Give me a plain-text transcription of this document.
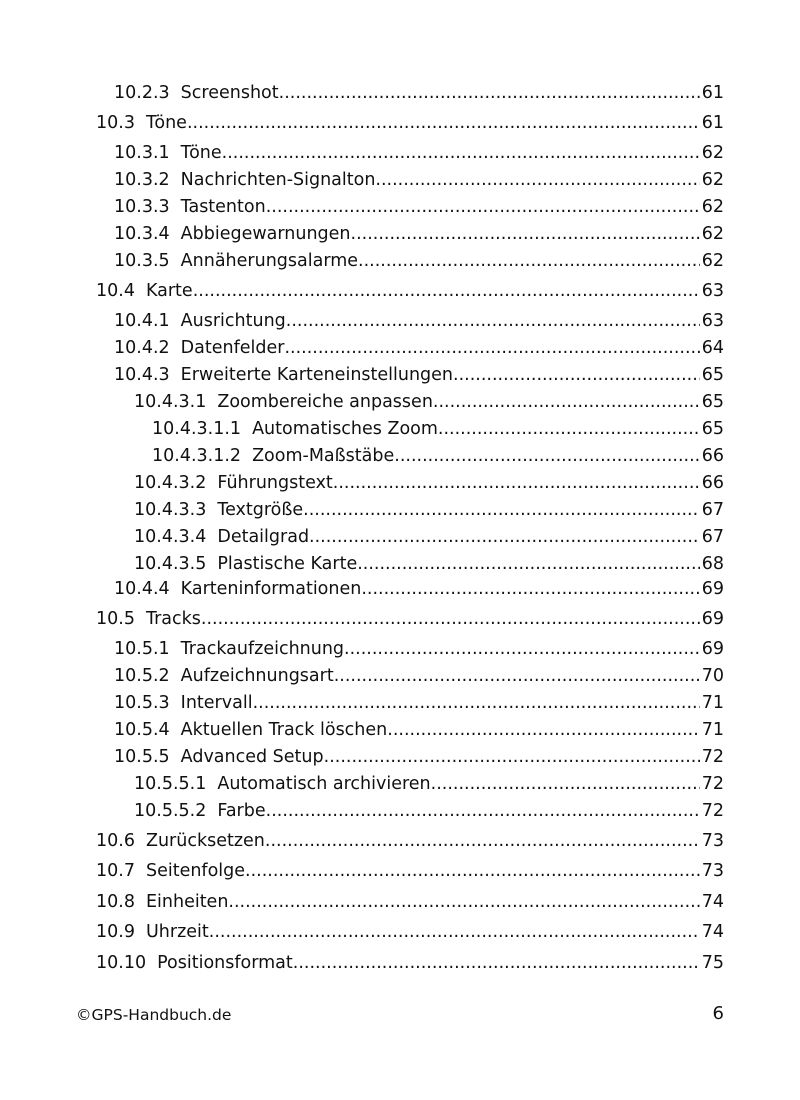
10.2.3 Screenshot .....	61
10.3 Töne .....	61
10.3.1 Töne .....	62
10.3.2 Nachrichten-Signalton .....	62
10.3.3 Tastenton .....	62
10.3.4 Abbiegewarnungen .....	62
10.3.5 Annäherungsalarme .....	62
10.4 Karte .....	63
10.4.1 Ausrichtung .....	63
10.4.2 Datenfelder .....	64
10.4.3 Erweiterte Karteneinstellungen .....	65
10.4.3.1 Zoombereiche anpassen .....	65
10.4.3.1.1 Automatisches Zoom .....	65
10.4.3.1.2 Zoom-Maßstäbe .....	66
10.4.3.2 Führungstext .....	66
10.4.3.3 Textgröße .....	67
10.4.3.4 Detailgrad .....	67
10.4.3.5 Plastische Karte .....	68
10.4.4 Karteninformationen .....	69
10.5 Tracks .....	69
10.5.1 Trackaufzeichnung .....	69
10.5.2 Aufzeichnungsart .....	70
10.5.3 Intervall .....	71
10.5.4 Aktuellen Track löschen .....	71
10.5.5 Advanced Setup .....	72
10.5.5.1 Automatisch archivieren .....	72
10.5.5.2 Farbe .....	72
10.6 Zurücksetzen .....	73
10.7 Seitenfolge .....	73
10.8 Einheiten .....	74
10.9 Uhrzeit .....	74
10.10 Positionsformat .....	75
©GPS-Handbuch.de	6
